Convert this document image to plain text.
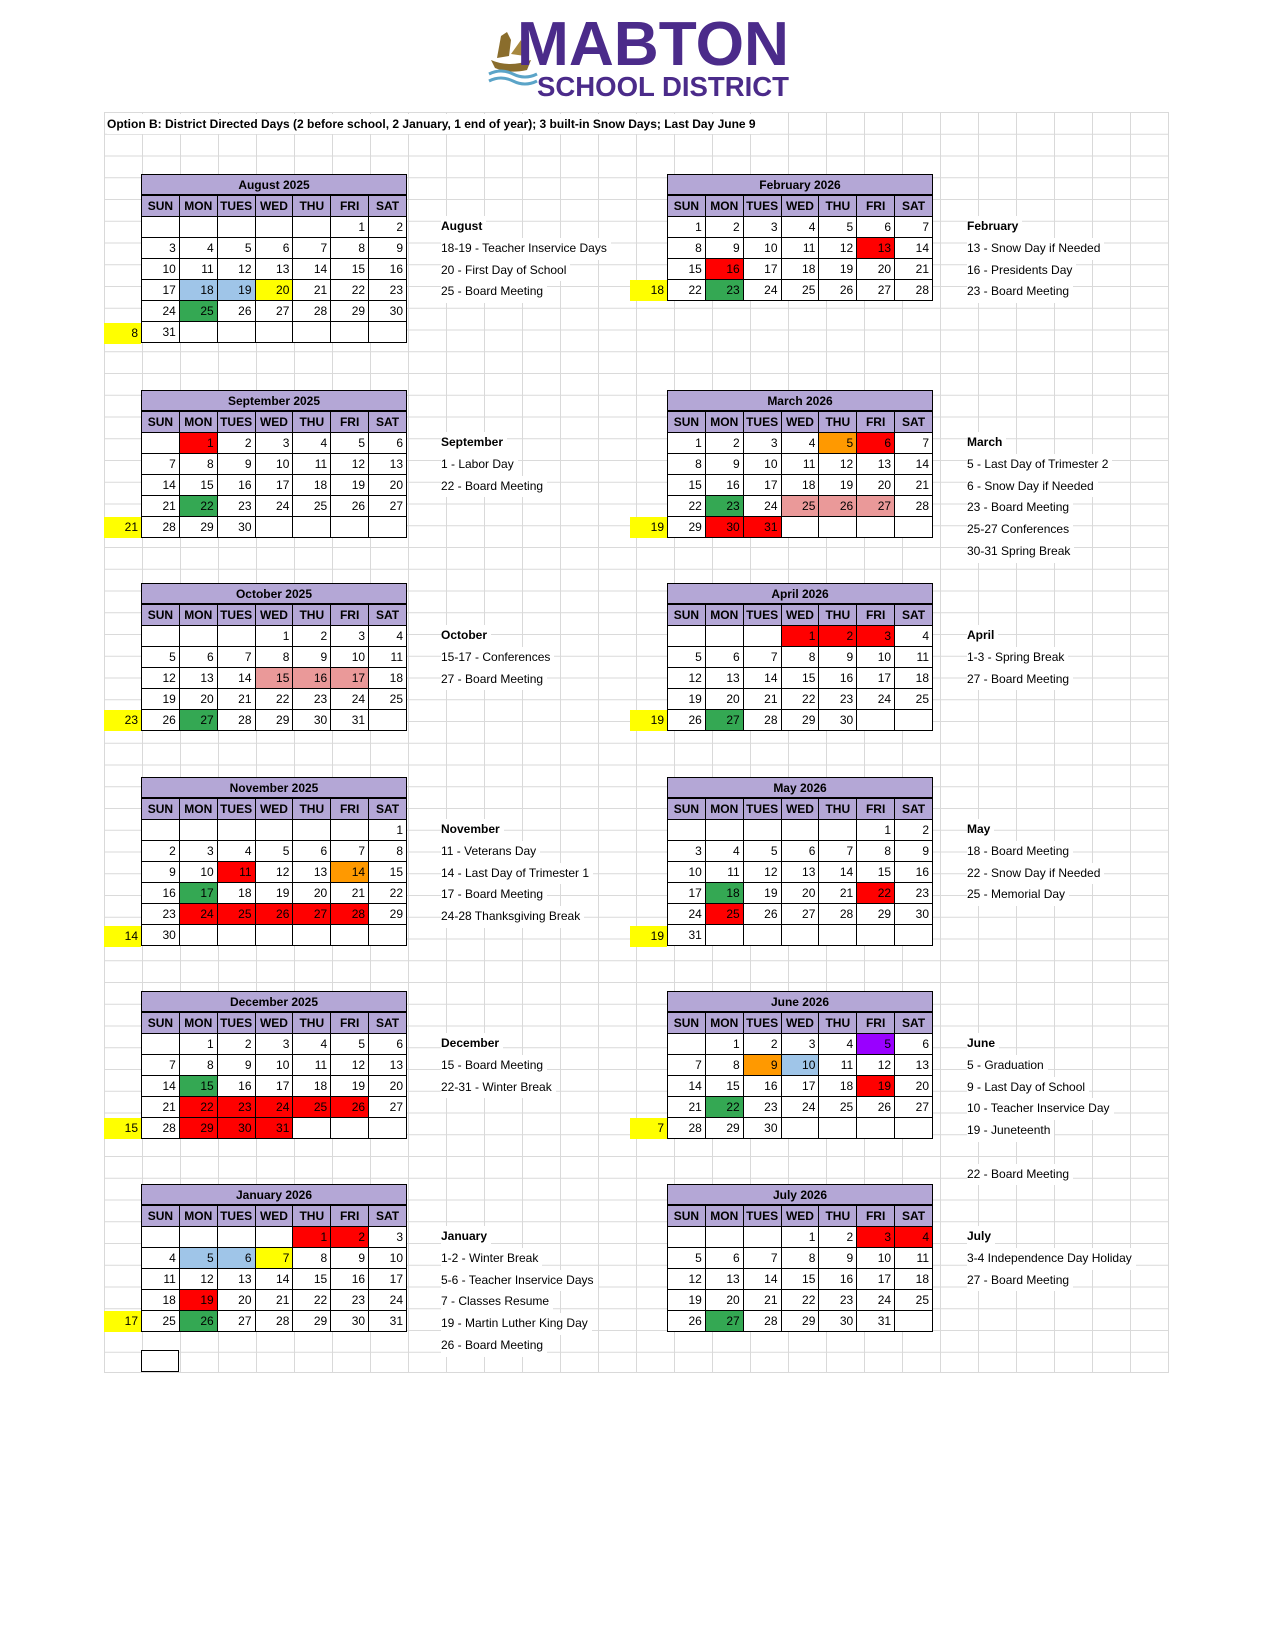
MABTON
SCHOOL DISTRICT
Option B: District Directed Days (2 before school, 2 January, 1 end of year); 3 built-in Snow Days; Last Day June 9
August 2025
SUN	MON	TUES	WED	THU	FRI	SAT
					1	2
3	4	5	6	7	8	9
10	11	12	13	14	15	16
17	18	19	20	21	22	23
24	25	26	27	28	29	30
31						
8
August
18-19 - Teacher Inservice Days
20 - First Day of School
25 - Board Meeting
September 2025
SUN	MON	TUES	WED	THU	FRI	SAT
	1	2	3	4	5	6
7	8	9	10	11	12	13
14	15	16	17	18	19	20
21	22	23	24	25	26	27
28	29	30				
21
September
1 - Labor Day
22 - Board Meeting
October 2025
SUN	MON	TUES	WED	THU	FRI	SAT
			1	2	3	4
5	6	7	8	9	10	11
12	13	14	15	16	17	18
19	20	21	22	23	24	25
26	27	28	29	30	31	
23
October
15-17 - Conferences
27 - Board Meeting
November 2025
SUN	MON	TUES	WED	THU	FRI	SAT
						1
2	3	4	5	6	7	8
9	10	11	12	13	14	15
16	17	18	19	20	21	22
23	24	25	26	27	28	29
30						
14
November
11 - Veterans Day
14 - Last Day of Trimester 1
17 - Board Meeting
24-28 Thanksgiving Break
December 2025
SUN	MON	TUES	WED	THU	FRI	SAT
	1	2	3	4	5	6
7	8	9	10	11	12	13
14	15	16	17	18	19	20
21	22	23	24	25	26	27
28	29	30	31			
15
December
15 - Board Meeting
22-31 - Winter Break
January 2026
SUN	MON	TUES	WED	THU	FRI	SAT
				1	2	3
4	5	6	7	8	9	10
11	12	13	14	15	16	17
18	19	20	21	22	23	24
25	26	27	28	29	30	31
17
January
1-2 - Winter Break
5-6 - Teacher Inservice Days
7 - Classes Resume
19 - Martin Luther King Day
26 - Board Meeting
February 2026
SUN	MON	TUES	WED	THU	FRI	SAT
1	2	3	4	5	6	7
8	9	10	11	12	13	14
15	16	17	18	19	20	21
22	23	24	25	26	27	28
18
February
13 - Snow Day if Needed
16 - Presidents Day
23 - Board Meeting
March 2026
SUN	MON	TUES	WED	THU	FRI	SAT
1	2	3	4	5	6	7
8	9	10	11	12	13	14
15	16	17	18	19	20	21
22	23	24	25	26	27	28
29	30	31				
19
March
5 - Last Day of Trimester 2
6 - Snow Day if Needed
23 - Board Meeting
25-27 Conferences
30-31 Spring Break
April 2026
SUN	MON	TUES	WED	THU	FRI	SAT
			1	2	3	4
5	6	7	8	9	10	11
12	13	14	15	16	17	18
19	20	21	22	23	24	25
26	27	28	29	30		
19
April
1-3 - Spring Break
27 - Board Meeting
May 2026
SUN	MON	TUES	WED	THU	FRI	SAT
					1	2
3	4	5	6	7	8	9
10	11	12	13	14	15	16
17	18	19	20	21	22	23
24	25	26	27	28	29	30
31						
19
May
18 - Board Meeting
22 - Snow Day if Needed
25 - Memorial Day
June 2026
SUN	MON	TUES	WED	THU	FRI	SAT
	1	2	3	4	5	6
7	8	9	10	11	12	13
14	15	16	17	18	19	20
21	22	23	24	25	26	27
28	29	30				
7
June
5 - Graduation
9 - Last Day of School
10 - Teacher Inservice Day
19 - Juneteenth
22 - Board Meeting
July 2026
SUN	MON	TUES	WED	THU	FRI	SAT
			1	2	3	4
5	6	7	8	9	10	11
12	13	14	15	16	17	18
19	20	21	22	23	24	25
26	27	28	29	30	31	
July
3-4 Independence Day Holiday
27 - Board Meeting
